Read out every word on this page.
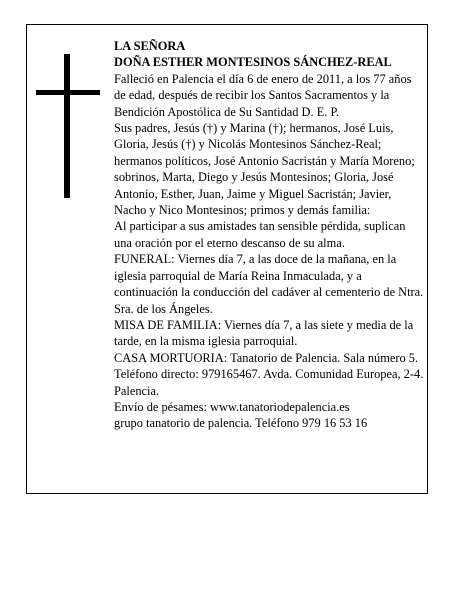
LA SEÑORA

DOÑA ESTHER MONTESINOS SÁNCHEZ-REAL

Falleció en Palencia el día 6 de enero de 2011, a los 77 años de edad, después de recibir los Santos Sacramentos y la Bendición Apostólica de Su Santidad D. E. P.

Sus padres, Jesús (†) y Marina (†); hermanos, José Luis, Gloria, Jesús (†) y Nicolás Montesinos Sánchez-Real; hermanos políticos, José Antonio Sacristán y María Moreno; sobrinos, Marta, Diego y Jesús Montesinos; Gloria, José Antonio, Esther, Juan, Jaime y Miguel Sacristán; Javier, Nacho y Nico Montesinos; primos y demás familia:

Al participar a sus amistades tan sensible pérdida, suplican una oración por el eterno descanso de su alma.

FUNERAL: Viernes día 7, a las doce de la mañana, en la iglesia parroquial de María Reina Inmaculada, y a continuación la conducción del cadáver al cementerio de Ntra. Sra. de los Ángeles.

MISA DE FAMILIA: Viernes día 7, a las siete y media de la tarde, en la misma iglesia parroquial.

CASA MORTUORIA: Tanatorio de Palencia. Sala número 5. Teléfono directo: 979165467. Avda. Comunidad Europea, 2-4. Palencia.

Envío de pésames: www.tanatoriodepalencia.es

grupo tanatorio de palencia. Teléfono 979 16 53 16
